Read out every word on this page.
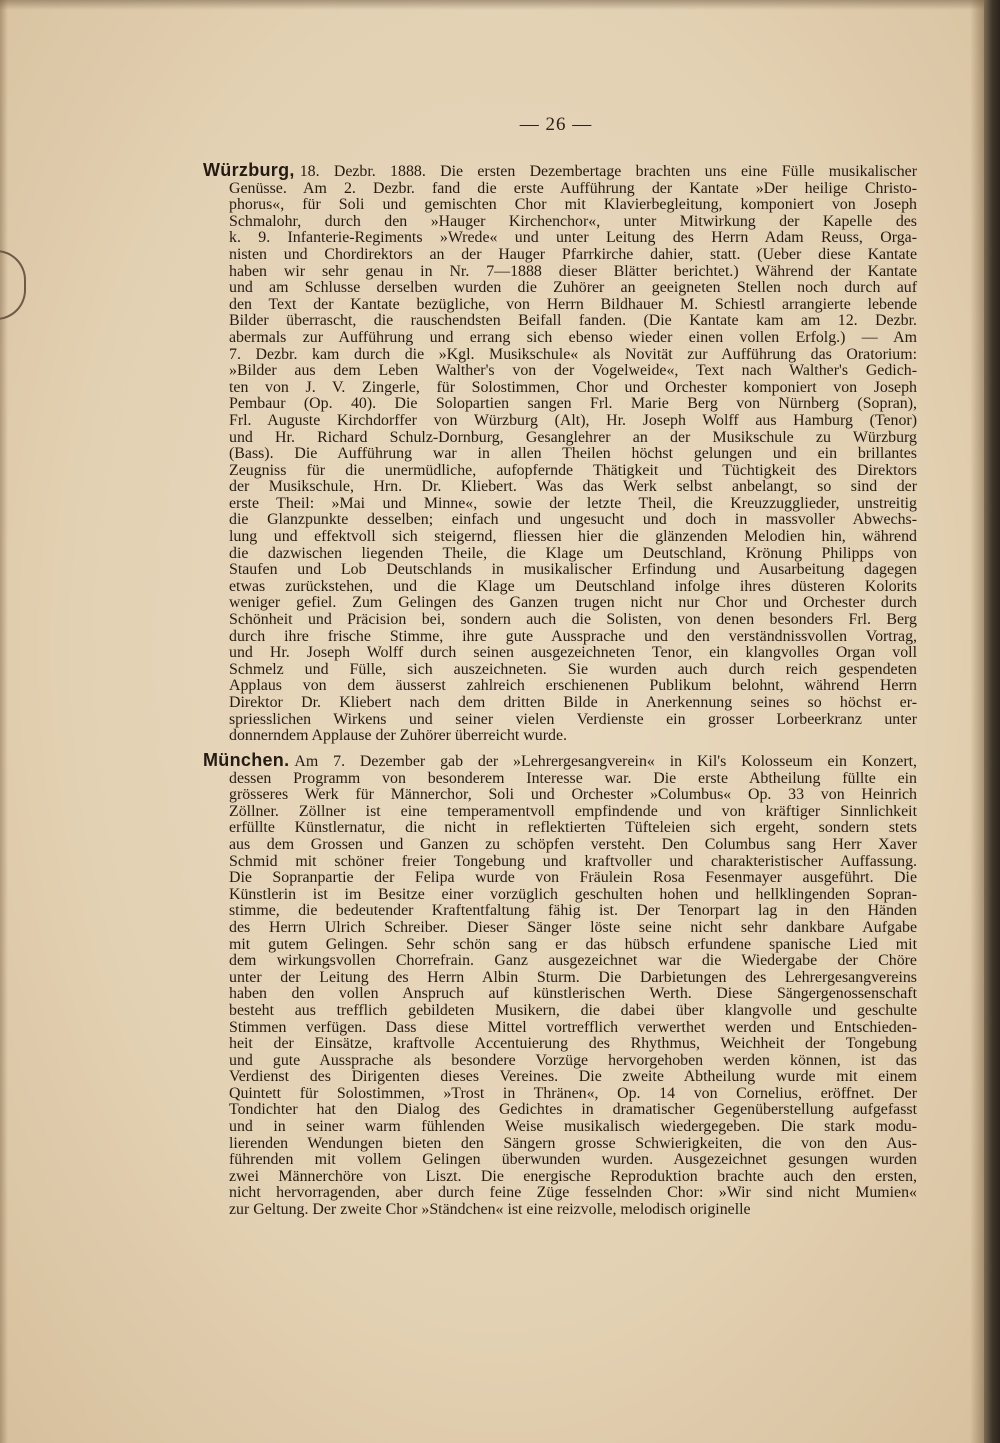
— 26 —
Würzburg, 18. Dezbr. 1888. Die ersten Dezembertage brachten uns eine Fülle musikalischer
Genüsse. Am 2. Dezbr. fand die erste Aufführung der Kantate »Der heilige Christo-
phorus«, für Soli und gemischten Chor mit Klavierbegleitung, komponiert von Joseph
Schmalohr, durch den »Hauger Kirchenchor«, unter Mitwirkung der Kapelle des
k. 9. Infanterie-Regiments »Wrede« und unter Leitung des Herrn Adam Reuss, Orga-
nisten und Chordirektors an der Hauger Pfarrkirche dahier, statt. (Ueber diese Kantate
haben wir sehr genau in Nr. 7—1888 dieser Blätter berichtet.) Während der Kantate
und am Schlusse derselben wurden die Zuhörer an geeigneten Stellen noch durch auf
den Text der Kantate bezügliche, von Herrn Bildhauer M. Schiestl arrangierte lebende
Bilder überrascht, die rauschendsten Beifall fanden. (Die Kantate kam am 12. Dezbr.
abermals zur Aufführung und errang sich ebenso wieder einen vollen Erfolg.) — Am
7. Dezbr. kam durch die »Kgl. Musikschule« als Novität zur Aufführung das Oratorium:
»Bilder aus dem Leben Walther's von der Vogelweide«, Text nach Walther's Gedich-
ten von J. V. Zingerle, für Solostimmen, Chor und Orchester komponiert von Joseph
Pembaur (Op. 40). Die Solopartien sangen Frl. Marie Berg von Nürnberg (Sopran),
Frl. Auguste Kirchdorffer von Würzburg (Alt), Hr. Joseph Wolff aus Hamburg (Tenor)
und Hr. Richard Schulz-Dornburg, Gesanglehrer an der Musikschule zu Würzburg
(Bass). Die Aufführung war in allen Theilen höchst gelungen und ein brillantes
Zeugniss für die unermüdliche, aufopfernde Thätigkeit und Tüchtigkeit des Direktors
der Musikschule, Hrn. Dr. Kliebert. Was das Werk selbst anbelangt, so sind der
erste Theil: »Mai und Minne«, sowie der letzte Theil, die Kreuzzugglieder, unstreitig
die Glanzpunkte desselben; einfach und ungesucht und doch in massvoller Abwechs-
lung und effektvoll sich steigernd, fliessen hier die glänzenden Melodien hin, während
die dazwischen liegenden Theile, die Klage um Deutschland, Krönung Philipps von
Staufen und Lob Deutschlands in musikalischer Erfindung und Ausarbeitung dagegen
etwas zurückstehen, und die Klage um Deutschland infolge ihres düsteren Kolorits
weniger gefiel. Zum Gelingen des Ganzen trugen nicht nur Chor und Orchester durch
Schönheit und Präcision bei, sondern auch die Solisten, von denen besonders Frl. Berg
durch ihre frische Stimme, ihre gute Aussprache und den verständnissvollen Vortrag,
und Hr. Joseph Wolff durch seinen ausgezeichneten Tenor, ein klangvolles Organ voll
Schmelz und Fülle, sich auszeichneten. Sie wurden auch durch reich gespendeten
Applaus von dem äusserst zahlreich erschienenen Publikum belohnt, während Herrn
Direktor Dr. Kliebert nach dem dritten Bilde in Anerkennung seines so höchst er-
spriesslichen Wirkens und seiner vielen Verdienste ein grosser Lorbeerkranz unter
donnerndem Applause der Zuhörer überreicht wurde.
München. Am 7. Dezember gab der »Lehrergesangverein« in Kil's Kolosseum ein Konzert,
dessen Programm von besonderem Interesse war. Die erste Abtheilung füllte ein
grösseres Werk für Männerchor, Soli und Orchester »Columbus« Op. 33 von Heinrich
Zöllner. Zöllner ist eine temperamentvoll empfindende und von kräftiger Sinnlichkeit
erfüllte Künstlernatur, die nicht in reflektierten Tüfteleien sich ergeht, sondern stets
aus dem Grossen und Ganzen zu schöpfen versteht. Den Columbus sang Herr Xaver
Schmid mit schöner freier Tongebung und kraftvoller und charakteristischer Auffassung.
Die Sopranpartie der Felipa wurde von Fräulein Rosa Fesenmayer ausgeführt. Die
Künstlerin ist im Besitze einer vorzüglich geschulten hohen und hellklingenden Sopran-
stimme, die bedeutender Kraftentfaltung fähig ist. Der Tenorpart lag in den Händen
des Herrn Ulrich Schreiber. Dieser Sänger löste seine nicht sehr dankbare Aufgabe
mit gutem Gelingen. Sehr schön sang er das hübsch erfundene spanische Lied mit
dem wirkungsvollen Chorrefrain. Ganz ausgezeichnet war die Wiedergabe der Chöre
unter der Leitung des Herrn Albin Sturm. Die Darbietungen des Lehrergesangvereins
haben den vollen Anspruch auf künstlerischen Werth. Diese Sängergenossenschaft
besteht aus trefflich gebildeten Musikern, die dabei über klangvolle und geschulte
Stimmen verfügen. Dass diese Mittel vortrefflich verwerthet werden und Entschieden-
heit der Einsätze, kraftvolle Accentuierung des Rhythmus, Weichheit der Tongebung
und gute Aussprache als besondere Vorzüge hervorgehoben werden können, ist das
Verdienst des Dirigenten dieses Vereines. Die zweite Abtheilung wurde mit einem
Quintett für Solostimmen, »Trost in Thränen«, Op. 14 von Cornelius, eröffnet. Der
Tondichter hat den Dialog des Gedichtes in dramatischer Gegenüberstellung aufgefasst
und in seiner warm fühlenden Weise musikalisch wiedergegeben. Die stark modu-
lierenden Wendungen bieten den Sängern grosse Schwierigkeiten, die von den Aus-
führenden mit vollem Gelingen überwunden wurden. Ausgezeichnet gesungen wurden
zwei Männerchöre von Liszt. Die energische Reproduktion brachte auch den ersten,
nicht hervorragenden, aber durch feine Züge fesselnden Chor: »Wir sind nicht Mumien«
zur Geltung. Der zweite Chor »Ständchen« ist eine reizvolle, melodisch originelle
